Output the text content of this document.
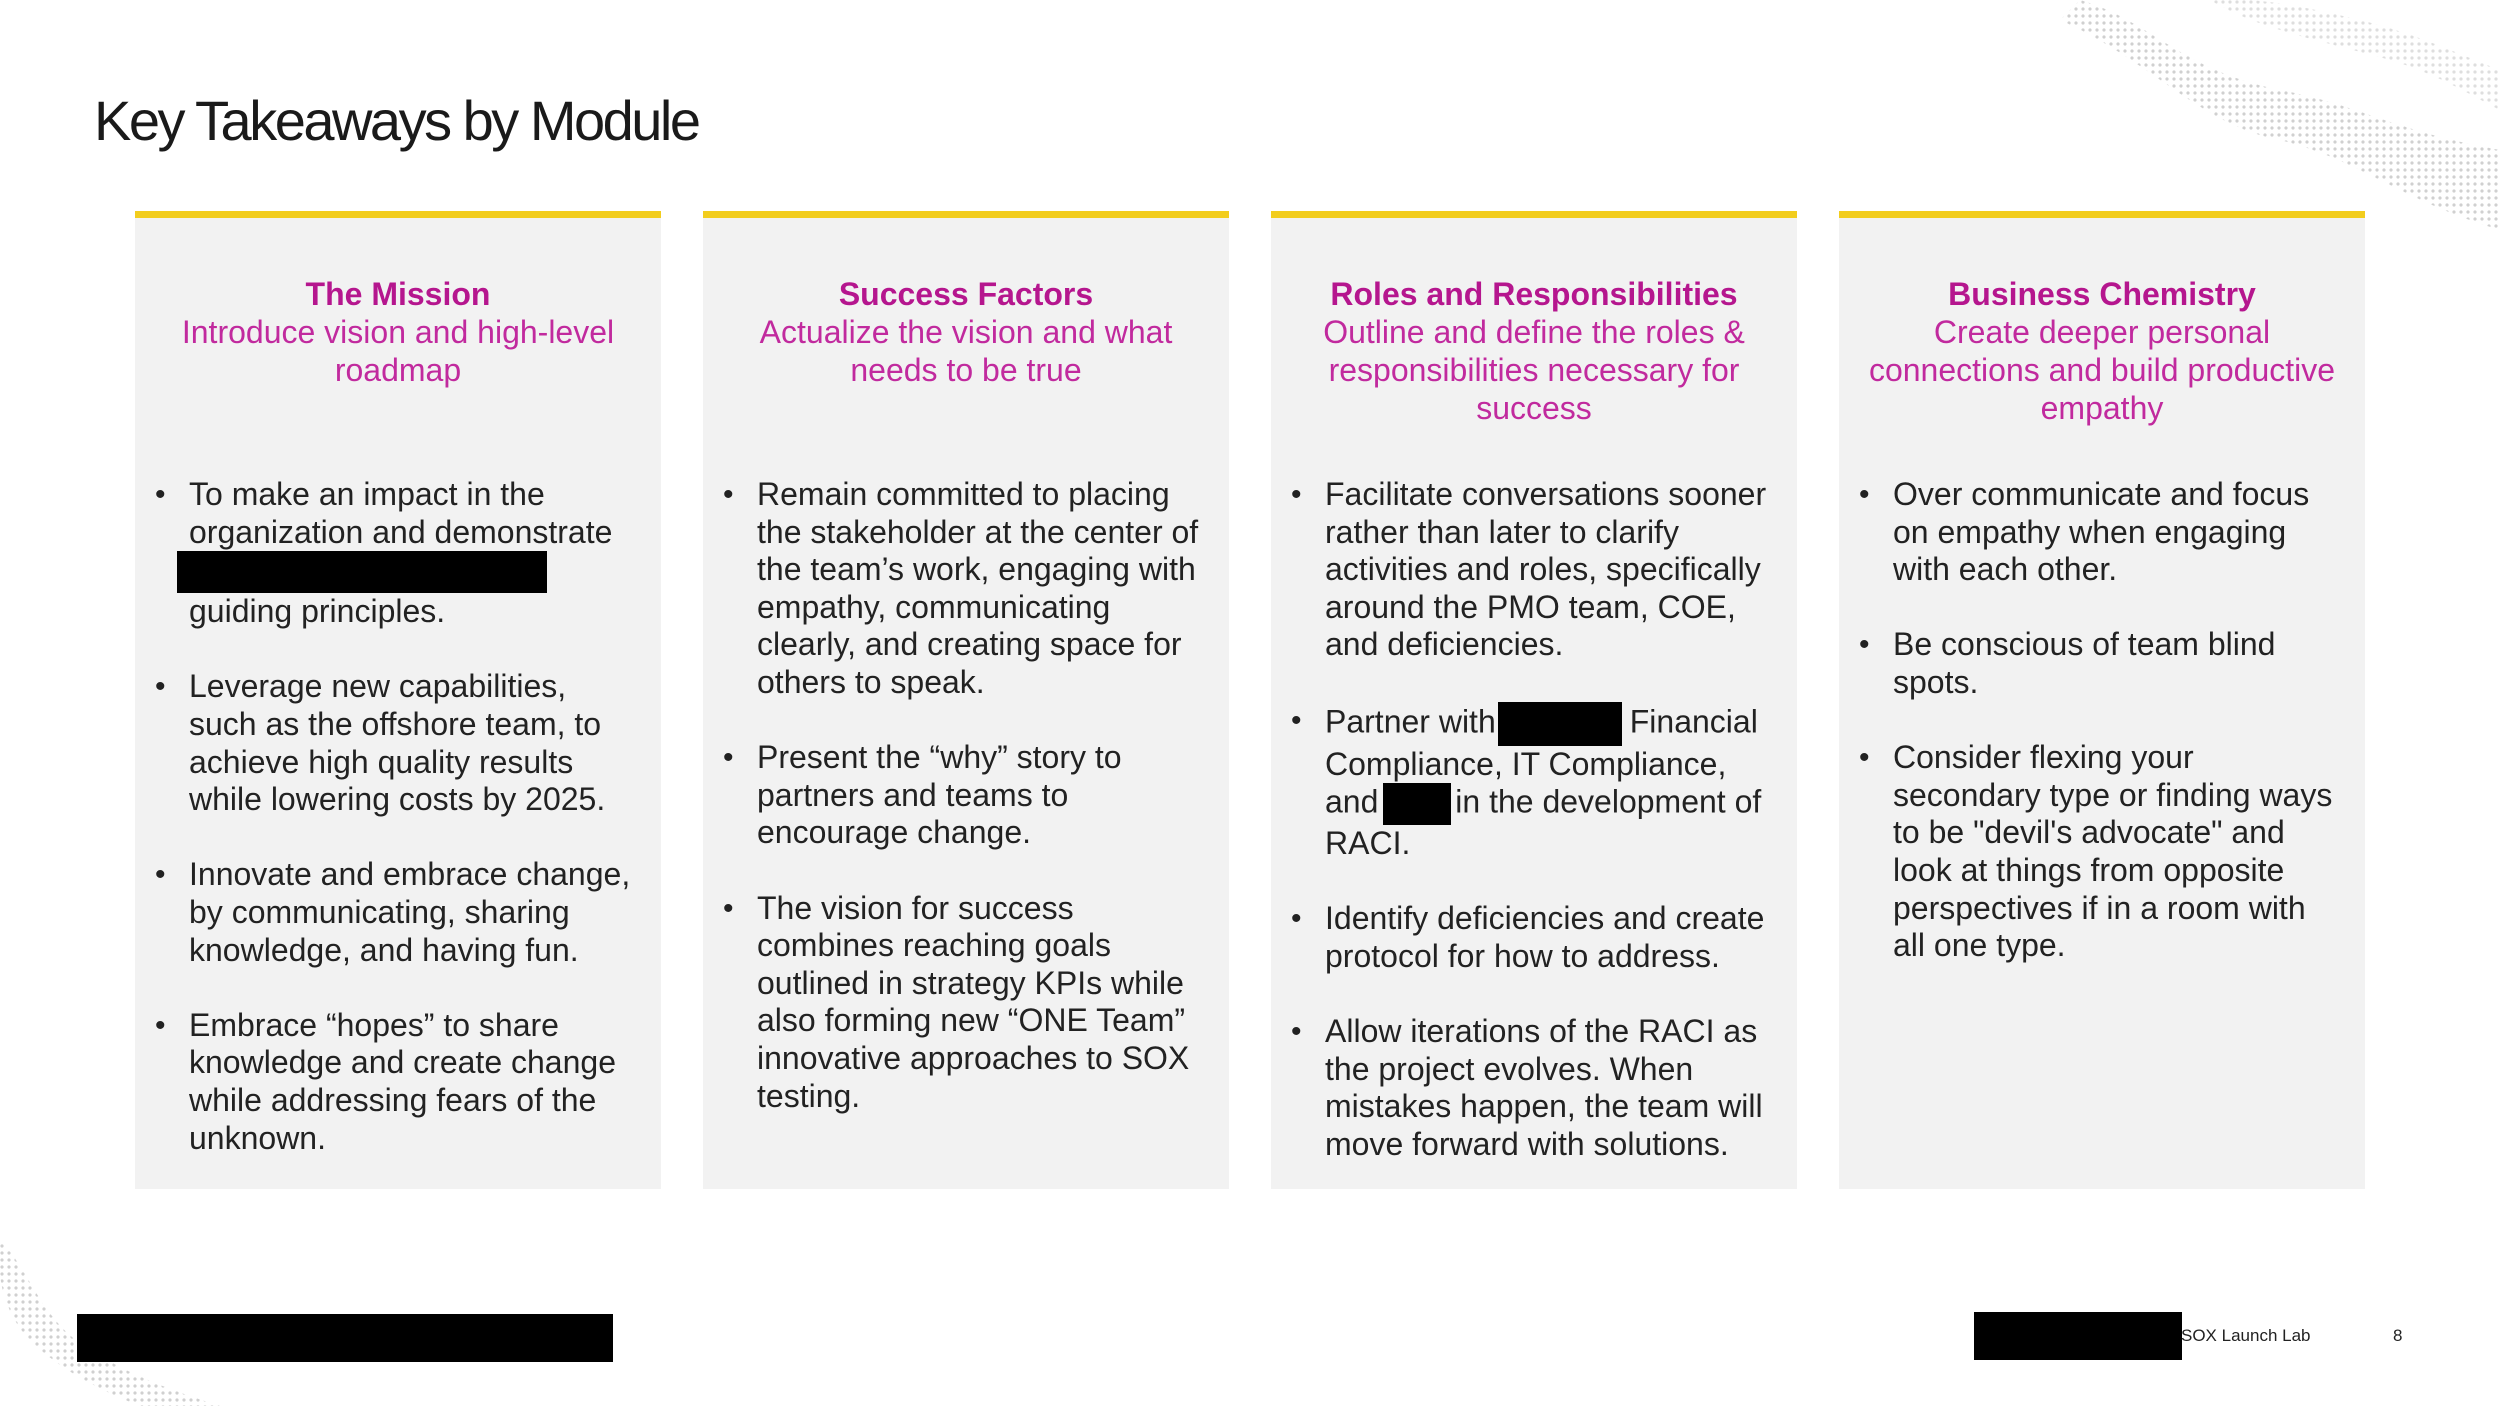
Key Takeaways by Module
The Mission
Introduce vision and high-level roadmap
• To make an impact in the organization and demonstrate

guiding principles.
• Leverage new capabilities, such as the offshore team, to achieve high quality results while lowering costs by 2025.
• Innovate and embrace change, by communicating, sharing knowledge, and having fun.
• Embrace “hopes” to share knowledge and create change while addressing fears of the unknown.
Success Factors
Actualize the vision and what needs to be true
• Remain committed to placing the stakeholder at the center of the team’s work, engaging with empathy, communicating clearly, and creating space for others to speak.
• Present the “why” story to partners and teams to encourage change.
• The vision for success combines reaching goals outlined in strategy KPIs while also forming new “ONE Team” innovative approaches to SOX testing.
Roles and Responsibilities
Outline and define the roles & responsibilities necessary for success
• Facilitate conversations sooner rather than later to clarify activities and roles, specifically around the PMO team, COE, and deficiencies.
• Partner with	Financial Compliance, IT Compliance, and in the development of RACI.
• Identify deficiencies and create protocol for how to address.
• Allow iterations of the RACI as the project evolves. When mistakes happen, the team will move forward with solutions.
Business Chemistry
Create deeper personal connections and build productive empathy
• Over communicate and focus on empathy when engaging with each other.
• Be conscious of team blind spots.
• Consider flexing your secondary type or finding ways to be "devil's advocate" and look at things from opposite perspectives if in a room with all one type.
SOX Launch Lab	8
